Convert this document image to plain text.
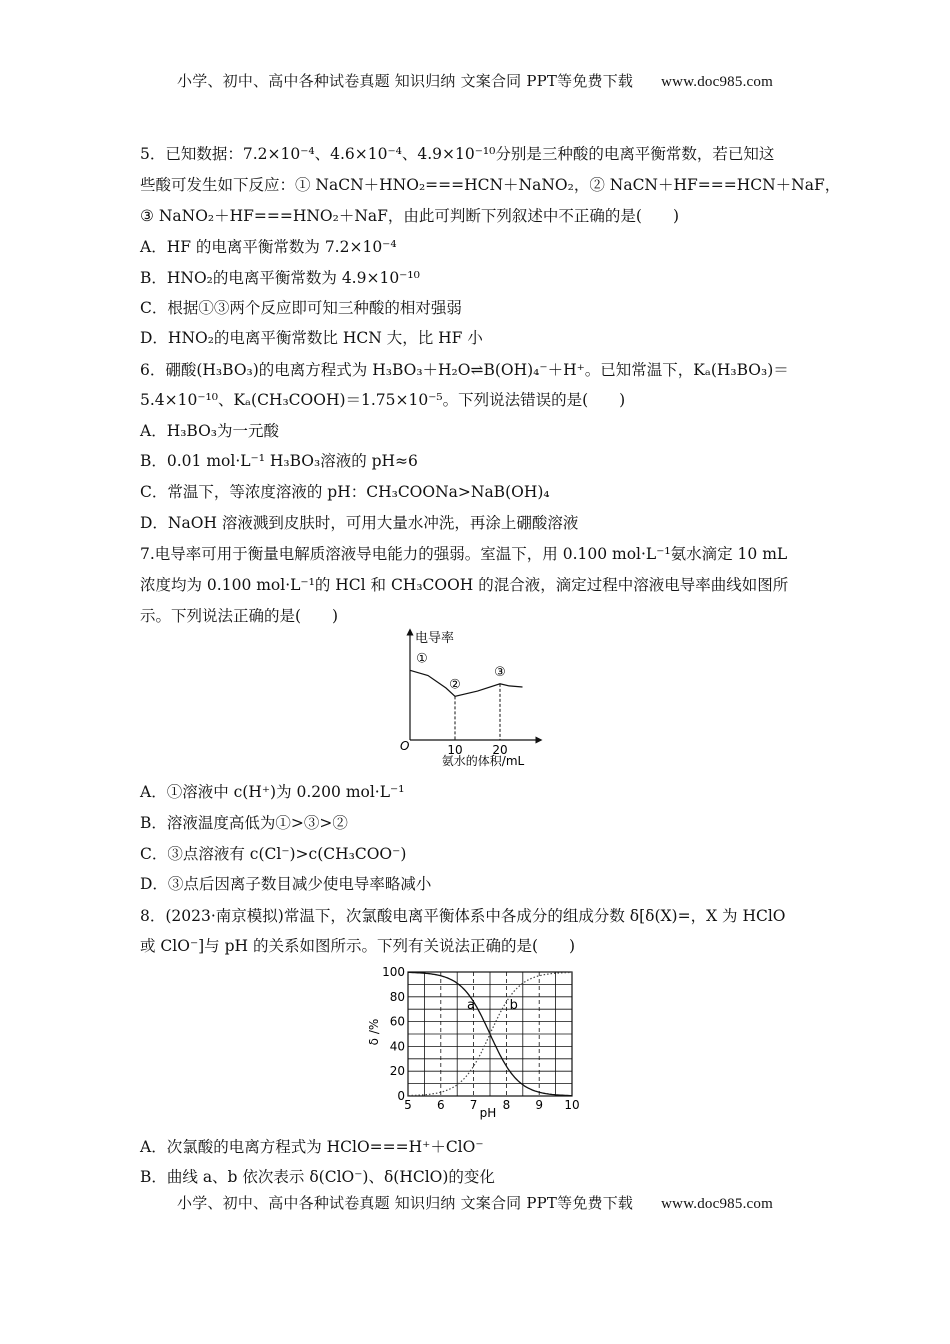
小学、初中、高中各种试卷真题 知识归纳 文案合同 PPT等免费下载 www.doc985.com
5．已知数据：7.2×10⁻⁴、4.6×10⁻⁴、4.9×10⁻¹⁰分别是三种酸的电离平衡常数，若已知这
些酸可发生如下反应：① NaCN＋HNO₂===HCN＋NaNO₂，② NaCN＋HF===HCN＋NaF，
③ NaNO₂＋HF===HNO₂＋NaF，由此可判断下列叙述中不正确的是(　　)
A．HF 的电离平衡常数为 7.2×10⁻⁴
B．HNO₂的电离平衡常数为 4.9×10⁻¹⁰
C．根据①③两个反应即可知三种酸的相对强弱
D．HNO₂的电离平衡常数比 HCN 大，比 HF 小
6．硼酸(H₃BO₃)的电离方程式为 H₃BO₃＋H₂O⇌B(OH)₄⁻＋H⁺。已知常温下，Kₐ(H₃BO₃)＝
5.4×10⁻¹⁰、Kₐ(CH₃COOH)＝1.75×10⁻⁵。下列说法错误的是(　　)
A．H₃BO₃为一元酸
B．0.01 mol·L⁻¹ H₃BO₃溶液的 pH≈6
C．常温下，等浓度溶液的 pH：CH₃COONa>NaB(OH)₄
D．NaOH 溶液溅到皮肤时，可用大量水冲洗，再涂上硼酸溶液
7.电导率可用于衡量电解质溶液导电能力的强弱。室温下，用 0.100 mol·L⁻¹氨水滴定 10 mL
浓度均为 0.100 mol·L⁻¹的 HCl 和 CH₃COOH 的混合液，滴定过程中溶液电导率曲线如图所
示。下列说法正确的是(　　)
电导率
O	10 20
氨水的体积/mL
①
②
③
A．①溶液中 c(H⁺)为 0.200 mol·L⁻¹
B．溶液温度高低为①>③>②
C．③点溶液有 c(Cl⁻)>c(CH₃COO⁻)
D．③点后因离子数目减少使电导率略减小
8．(2023·南京模拟)常温下，次氯酸电离平衡体系中各成分的组成分数 δ[δ(X)=，X 为 HClO
或 ClO⁻]与 pH 的关系如图所示。下列有关说法正确的是(　　)
0
20
40
60
80
100
5 6 7 8 9 10
pH
δ /%
a	b
A．次氯酸的电离方程式为 HClO===H⁺＋ClO⁻
B．曲线 a、b 依次表示 δ(ClO⁻)、δ(HClO)的变化
小学、初中、高中各种试卷真题 知识归纳 文案合同 PPT等免费下载 www.doc985.com
